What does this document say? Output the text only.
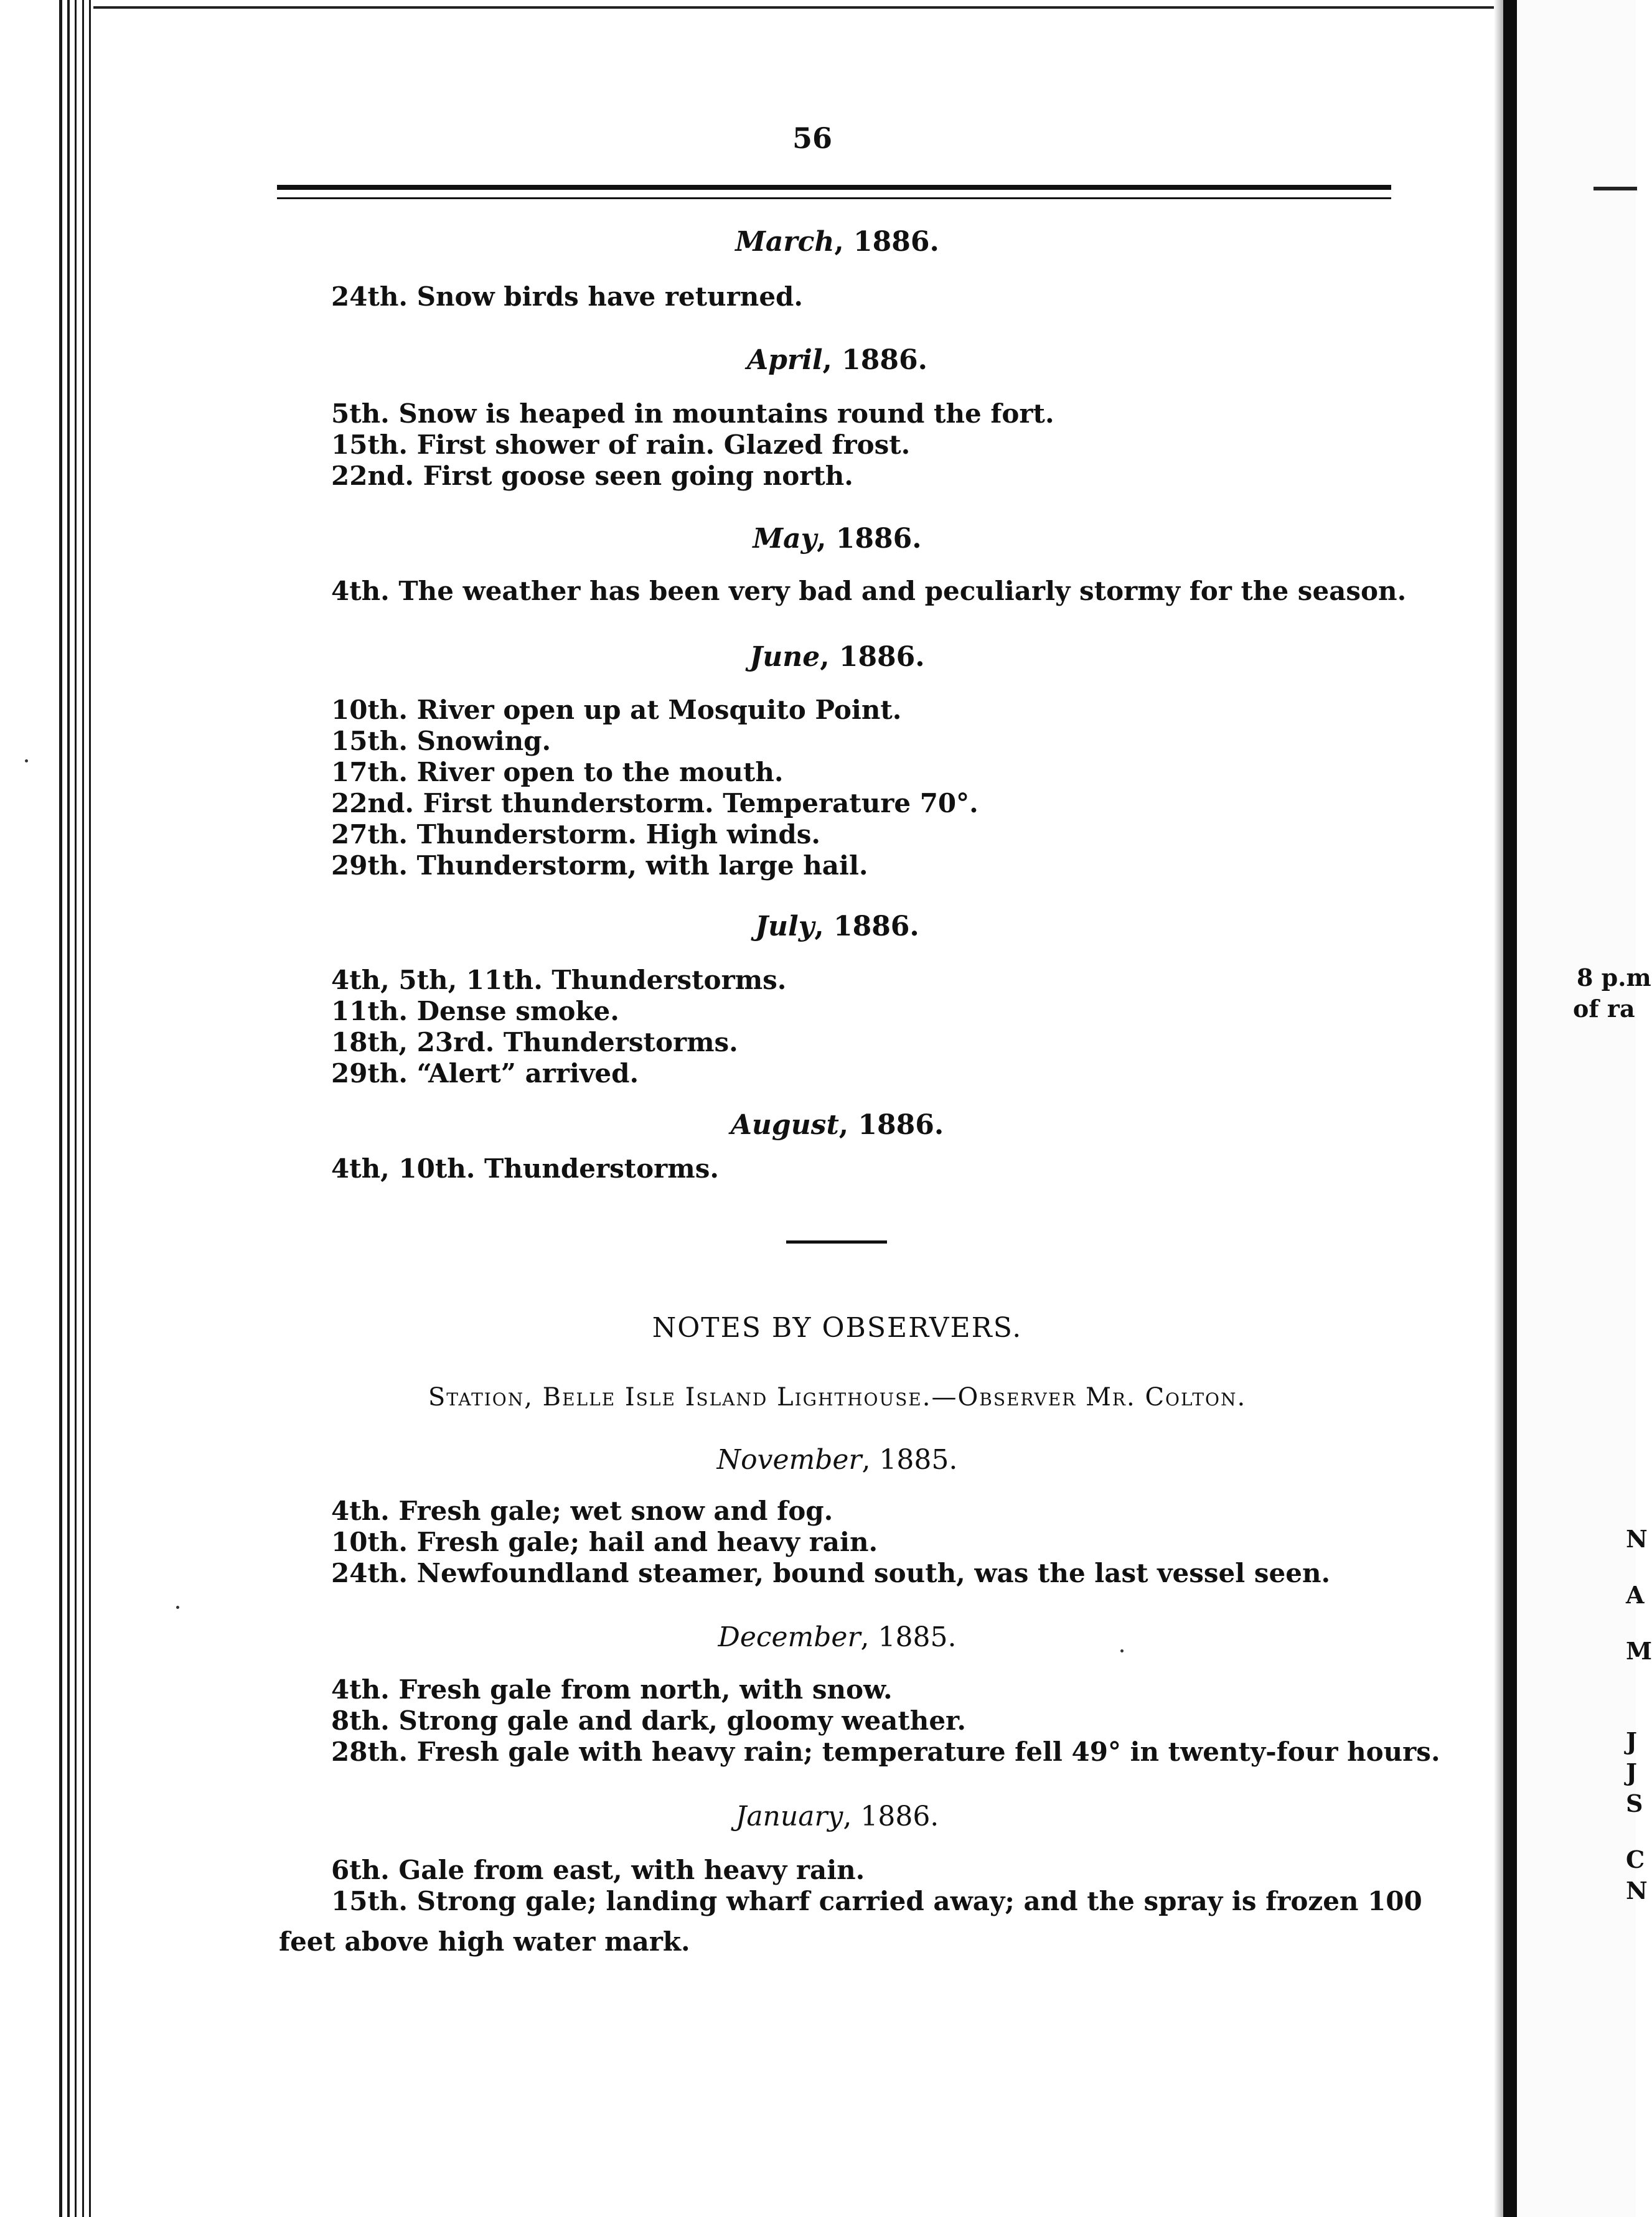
8 p.m
of ra
N
A
M
J
J
S
C
N
56
March, 1886.
24th. Snow birds have returned.
April, 1886.
5th. Snow is heaped in mountains round the fort.
15th. First shower of rain. Glazed frost.
22nd. First goose seen going north.
May, 1886.
4th. The weather has been very bad and peculiarly stormy for the season.
June, 1886.
10th. River open up at Mosquito Point.
15th. Snowing.
17th. River open to the mouth.
22nd. First thunderstorm. Temperature 70°.
27th. Thunderstorm. High winds.
29th. Thunderstorm, with large hail.
July, 1886.
4th, 5th, 11th. Thunderstorms.
11th. Dense smoke.
18th, 23rd. Thunderstorms.
29th. “Alert” arrived.
August, 1886.
4th, 10th. Thunderstorms.
NOTES BY OBSERVERS.
Station, Belle Isle Island Lighthouse.—Observer Mr. Colton.
November, 1885.
4th. Fresh gale; wet snow and fog.
10th. Fresh gale; hail and heavy rain.
24th. Newfoundland steamer, bound south, was the last vessel seen.
December, 1885.
4th. Fresh gale from north, with snow.
8th. Strong gale and dark, gloomy weather.
28th. Fresh gale with heavy rain; temperature fell 49° in twenty-four hours.
January, 1886.
6th. Gale from east, with heavy rain.
15th. Strong gale; landing wharf carried away; and the spray is frozen 100
feet above high water mark.
